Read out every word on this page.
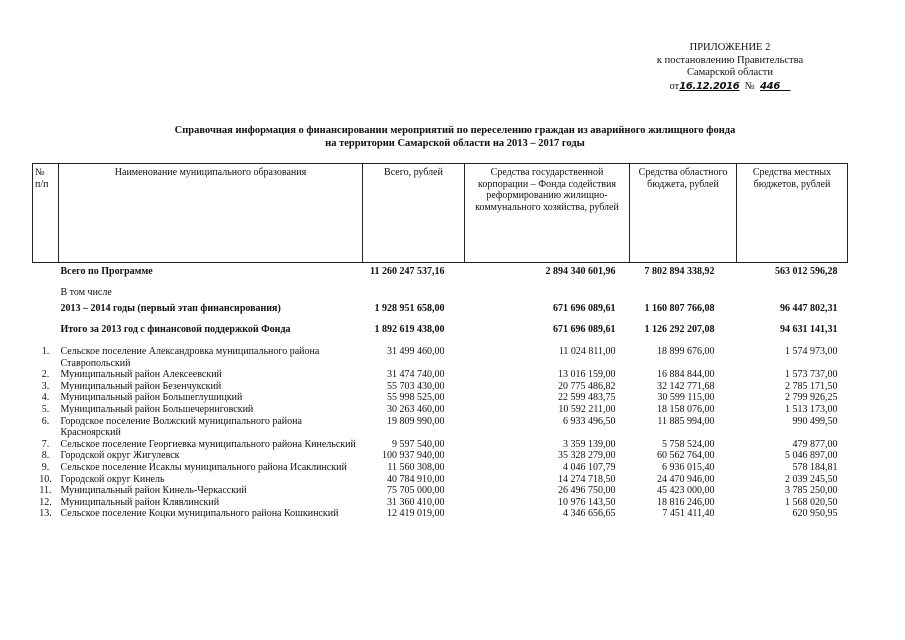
ПРИЛОЖЕНИЕ 2
к постановлению Правительства
Самарской области
от16.12.2016 № 446
Справочная информация о финансировании мероприятий по переселению граждан из аварийного жилищного фонда
на территории Самарской области на 2013 – 2017 годы
№ п/п	Наименование муниципального образования	Всего, рублей	Средства государственной корпорации – Фонда содействия реформированию жилищно-коммунального хозяйства, рублей	Средства областного бюджета, рублей	Средства местных бюджетов, рублей
	Всего по Программе	11 260 247 537,16	2 894 340 601,96	7 802 894 338,92	563 012 596,28
	В том числе				
	2013 – 2014 годы (первый этап финансирования)	1 928 951 658,00	671 696 089,61	1 160 807 766,08	96 447 802,31
	Итого за 2013 год с финансовой поддержкой Фонда	1 892 619 438,00	671 696 089,61	1 126 292 207,08	94 631 141,31
1.	Сельское поселение Александровка муниципального района Ставропольский	31 499 460,00	11 024 811,00	18 899 676,00	1 574 973,00
2.	Муниципальный район Алексеевский	31 474 740,00	13 016 159,00	16 884 844,00	1 573 737,00
3.	Муниципальный район Безенчукский	55 703 430,00	20 775 486,82	32 142 771,68	2 785 171,50
4.	Муниципальный район Большеглушицкий	55 998 525,00	22 599 483,75	30 599 115,00	2 799 926,25
5.	Муниципальный район Большечерниговский	30 263 460,00	10 592 211,00	18 158 076,00	1 513 173,00
6.	Городское поселение Волжский муниципального района Красноярский	19 809 990,00	6 933 496,50	11 885 994,00	990 499,50
7.	Сельское поселение Георгиевка муниципального района Кинельский	9 597 540,00	3 359 139,00	5 758 524,00	479 877,00
8.	Городской округ Жигулевск	100 937 940,00	35 328 279,00	60 562 764,00	5 046 897,00
9.	Сельское поселение Исаклы муниципального района Исаклинский	11 560 308,00	4 046 107,79	6 936 015,40	578 184,81
10.	Городской округ Кинель	40 784 910,00	14 274 718,50	24 470 946,00	2 039 245,50
11.	Муниципальный район Кинель-Черкасский	75 705 000,00	26 496 750,00	45 423 000,00	3 785 250,00
12.	Муниципальный район Клявлинский	31 360 410,00	10 976 143,50	18 816 246,00	1 568 020,50
13.	Сельское поселение Коцки муниципального района Кошкинский	12 419 019,00	4 346 656,65	7 451 411,40	620 950,95
